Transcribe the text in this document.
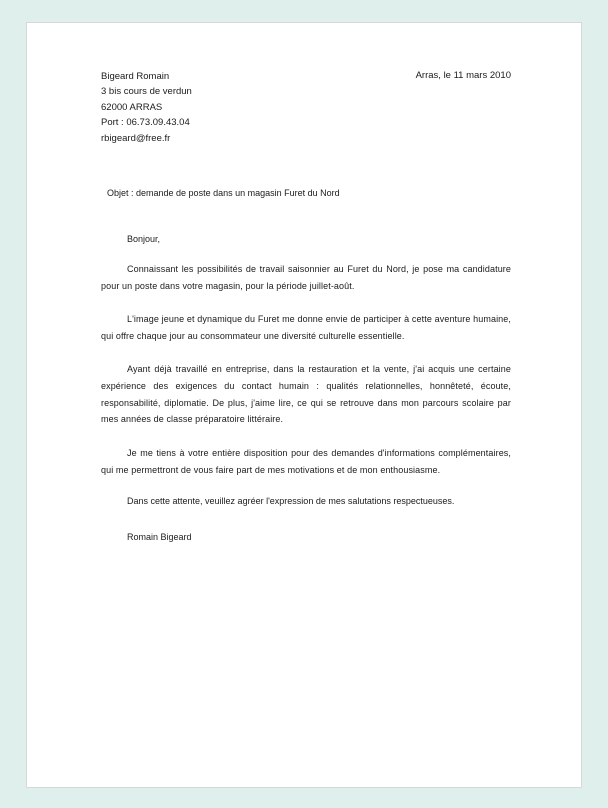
Bigeard Romain
3 bis cours de verdun
62000 ARRAS
Port : 06.73.09.43.04
rbigeard@free.fr
Arras, le 11 mars 2010
Objet : demande de poste dans un magasin Furet du Nord
Bonjour,
Connaissant les possibilités de travail saisonnier au Furet du Nord, je pose ma candidature pour un poste dans votre magasin, pour la période juillet-août.
L'image jeune et dynamique du Furet me donne envie de participer à cette aventure humaine, qui offre chaque jour au consommateur une diversité culturelle essentielle.
Ayant déjà travaillé en entreprise, dans la restauration et la vente, j'ai acquis une certaine expérience des exigences du contact humain : qualités relationnelles, honnêteté, écoute, responsabilité, diplomatie. De plus, j'aime lire, ce qui se retrouve dans mon parcours scolaire par mes années de classe préparatoire littéraire.
Je me tiens à votre entière disposition pour des demandes d'informations complémentaires, qui me permettront de vous faire part de mes motivations et de mon enthousiasme.
Dans cette attente, veuillez agréer l'expression de mes salutations respectueuses.
Romain Bigeard
